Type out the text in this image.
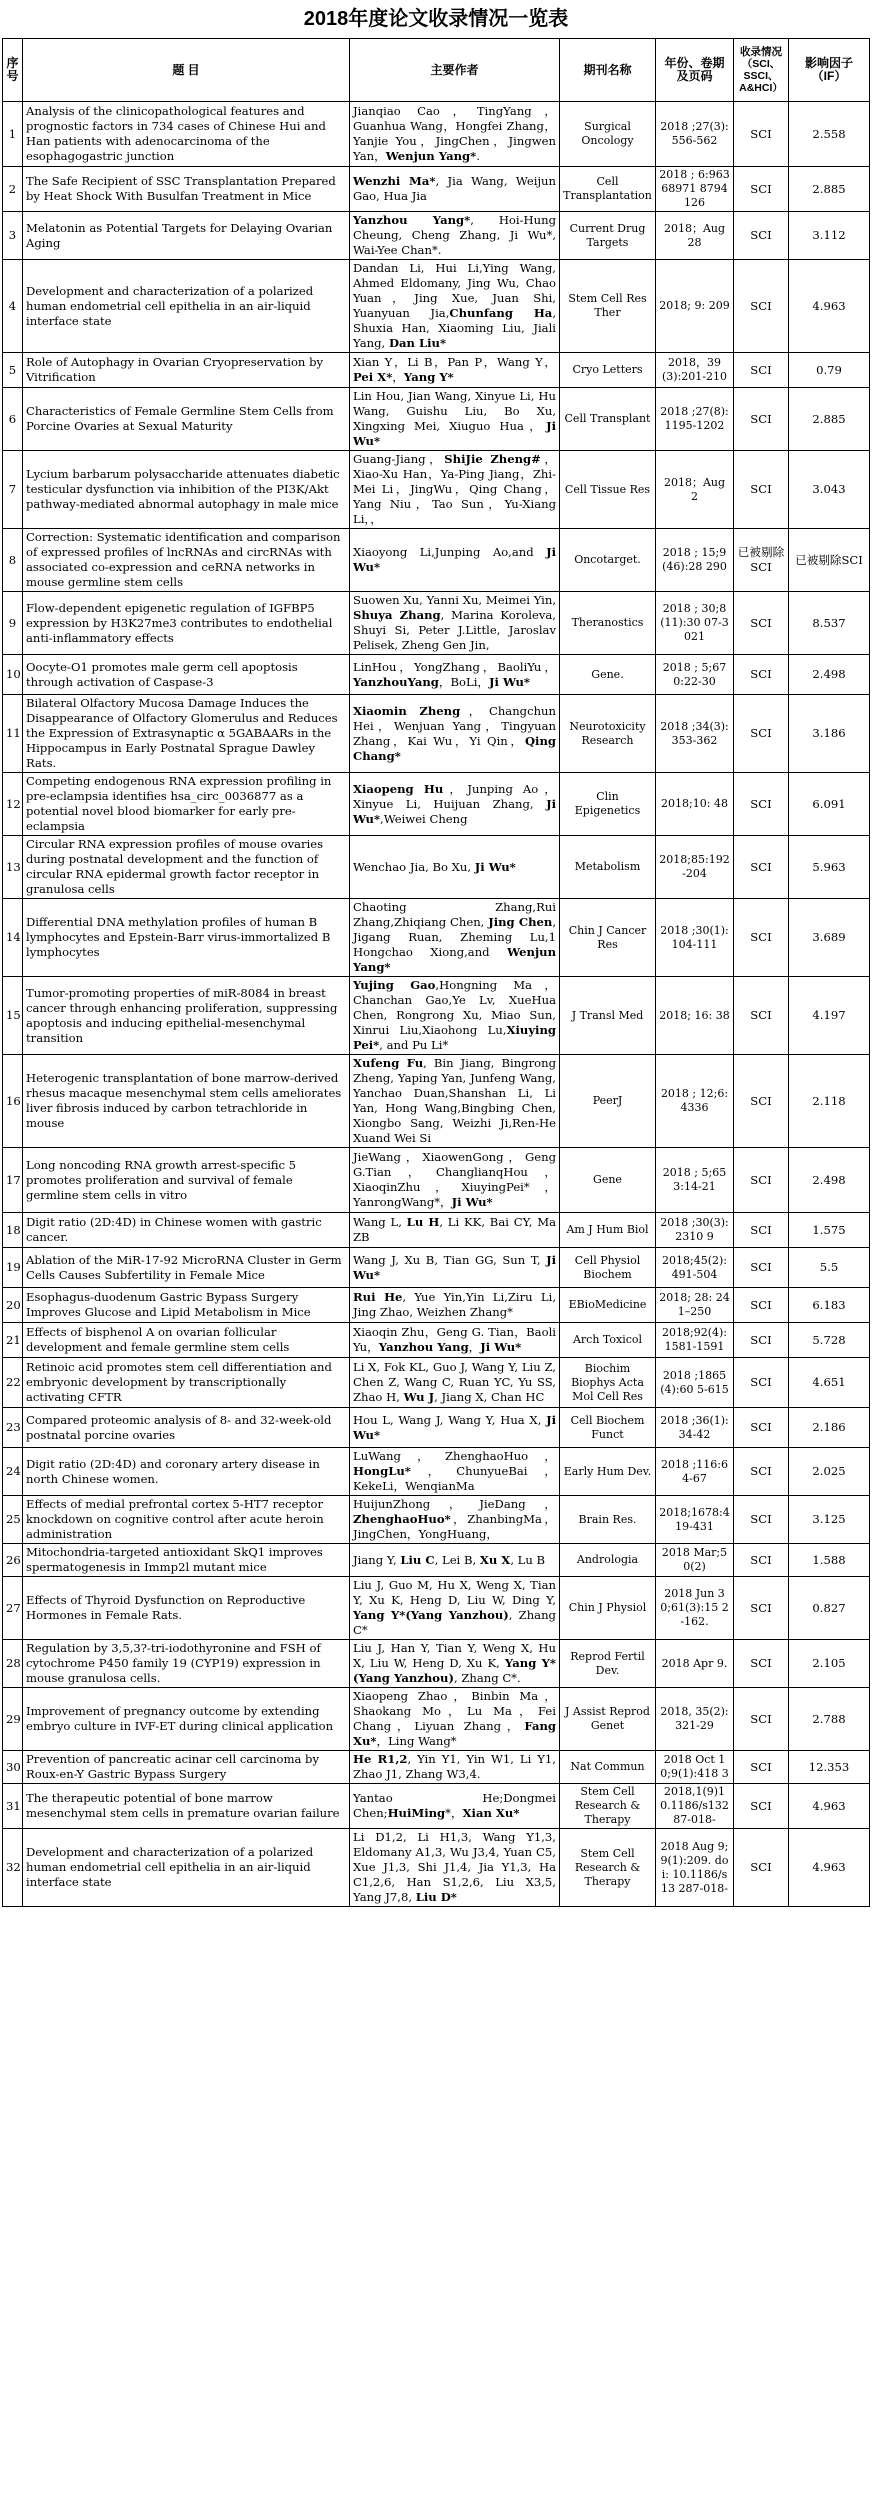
2018年度论文收录情况一览表
序号	题 目	主要作者	期刊名称	年份、卷期及页码	收录情况（SCI、SSCI、A&HCI）	影响因子（IF）
1	Analysis of the clinicopathological features and prognostic factors in 734 cases of Chinese Hui and Han patients with adenocarcinoma of the esophagogastric junction	Jianqiao Cao，TingYang，Guanhua Wang，Hongfei Zhang，Yanjie You，JingChen，Jingwen Yan，Wenjun Yang*.	Surgical Oncology	2018 ;27(3):556-562	SCI	2.558
2	The Safe Recipient of SSC Transplantation Prepared by Heat Shock With Busulfan Treatment in Mice	Wenzhi Ma*, Jia Wang, Weijun Gao, Hua Jia	Cell Transplantation	2018 ; 6:96368971 8794126	SCI	2.885
3	Melatonin as Potential Targets for Delaying Ovarian Aging	Yanzhou Yang*, Hoi-Hung Cheung, Cheng Zhang, Ji Wu*, Wai-Yee Chan*.	Current Drug Targets	2018；Aug 28	SCI	3.112
4	Development and characterization of a polarized human endometrial cell epithelia in an air-liquid interface state	Dandan Li, Hui Li,Ying Wang, Ahmed Eldomany, Jing Wu, Chao Yuan，Jing Xue, Juan Shi, Yuanyuan Jia,Chunfang Ha, Shuxia Han, Xiaoming Liu, Jiali Yang, Dan Liu*	Stem Cell Res Ther	2018; 9: 209	SCI	4.963
5	Role of Autophagy in Ovarian Cryopreservation by Vitrification	Xian Y，Li B，Pan P，Wang Y，Pei X*，Yang Y*	Cryo Letters	2018，39(3):201-210	SCI	0.79
6	Characteristics of Female Germline Stem Cells from Porcine Ovaries at Sexual Maturity	Lin Hou, Jian Wang, Xinyue Li, Hu Wang, Guishu Liu, Bo Xu, Xingxing Mei, Xiuguo Hua，Ji Wu*	Cell Transplant	2018 ;27(8):1195-1202	SCI	2.885
7	Lycium barbarum polysaccharide attenuates diabetic testicular dysfunction via inhibition of the PI3K/Akt pathway-mediated abnormal autophagy in male mice	Guang-Jiang，ShiJie Zheng#，Xiao-Xu Han，Ya-Ping Jiang，Zhi-Mei Li，JingWu，Qing Chang，Yang Niu，Tao Sun，Yu-Xiang Li，，	Cell Tissue Res	2018；Aug 2	SCI	3.043
8	Correction: Systematic identification and comparison of expressed profiles of lncRNAs and circRNAs with associated co-expression and ceRNA networks in mouse germline stem cells	Xiaoyong Li,Junping Ao,and Ji Wu*	Oncotarget.	2018 ; 15;9(46):28 290	已被剔除SCI	已被剔除SCI
9	Flow-dependent epigenetic regulation of IGFBP5 expression by H3K27me3 contributes to endothelial anti-inflammatory effects	Suowen Xu, Yanni Xu, Meimei Yin, Shuya Zhang, Marina Koroleva, Shuyi Si, Peter J.Little, Jaroslav Pelisek, Zheng Gen Jin,	Theranostics	2018 ; 30;8(11):30 07-3021	SCI	8.537
10	Oocyte-Ο1 promotes male germ cell apoptosis through activation of Caspase-3	LinHou，YongZhang，BaoliYu，YanzhouYang，BoLi，Ji Wu*	Gene.	2018 ; 5;670:22-30	SCI	2.498
11	Bilateral Olfactory Mucosa Damage Induces the Disappearance of Olfactory Glomerulus and Reduces the Expression of Extrasynaptic α 5GABAARs in the Hippocampus in Early Postnatal Sprague Dawley Rats.	Xiaomin Zheng，Changchun Hei，Wenjuan Yang，Tingyuan Zhang，Kai Wu，Yi Qin，Qing Chang*	Neurotoxicity Research	2018 ;34(3):353-362	SCI	3.186
12	Competing endogenous RNA expression profiling in pre-eclampsia identifies hsa_circ_0036877 as a potential novel blood biomarker for early pre-eclampsia	Xiaopeng Hu，Junping Ao，Xinyue Li, Huijuan Zhang, Ji Wu*,Weiwei Cheng	Clin Epigenetics	2018;10: 48	SCI	6.091
13	Circular RNA expression profiles of mouse ovaries during postnatal development and the function of circular RNA epidermal growth factor receptor in granulosa cells	Wenchao Jia, Bo Xu, Ji Wu*	Metabolism	2018;85:192 -204	SCI	5.963
14	Differential DNA methylation profiles of human B lymphocytes and Epstein-Barr virus-immortalized B lymphocytes	Chaoting Zhang,Rui Zhang,Zhiqiang Chen, Jing Chen, Jigang Ruan, Zheming Lu,1 Hongchao Xiong,and Wenjun Yang*	Chin J Cancer Res	2018 ;30(1):104-111	SCI	3.689
15	Tumor-promoting properties of miR-8084 in breast cancer through enhancing proliferation, suppressing apoptosis and inducing epithelial-mesenchymal transition	Yujing Gao,Hongning Ma，Chanchan Gao,Ye Lv, XueHua Chen, Rongrong Xu, Miao Sun, Xinrui Liu,Xiaohong Lu,Xiuying Pei*, and Pu Li*	J Transl Med	2018; 16: 38	SCI	4.197
16	Heterogenic transplantation of bone marrow-derived rhesus macaque mesenchymal stem cells ameliorates liver fibrosis induced by carbon tetrachloride in mouse	Xufeng Fu, Bin Jiang, Bingrong Zheng, Yaping Yan, Junfeng Wang, Yanchao Duan,Shanshan Li, Li Yan, Hong Wang,Bingbing Chen, Xiongbo Sang, Weizhi Ji,Ren-He Xuand Wei Si	PeerJ	2018 ; 12;6:4336	SCI	2.118
17	Long noncoding RNA growth arrest-specific 5 promotes proliferation and survival of female germline stem cells in vitro	JieWang，XiaowenGong，Geng G.Tian，ChanglianqHou，XiaoqinZhu，XiuyingPei*，YanrongWang*，Ji Wu*	Gene	2018 ; 5;653:14-21	SCI	2.498
18	Digit ratio (2D:4D) in Chinese women with gastric cancer.	Wang L, Lu H, Li KK, Bai CY, Ma ZB	Am J Hum Biol	2018 ;30(3):2310 9	SCI	1.575
19	Ablation of the MiR-17-92 MicroRNA Cluster in Germ Cells Causes Subfertility in Female Mice	Wang J, Xu B, Tian GG, Sun T, Ji Wu*	Cell Physiol Biochem	2018;45(2): 491-504	SCI	5.5
20	Esophagus-duodenum Gastric Bypass Surgery Improves Glucose and Lipid Metabolism in Mice	Rui He, Yue Yin,Yin Li,Ziru Li, Jing Zhao, Weizhen Zhang*	EBioMedicine	2018; 28: 241–250	SCI	6.183
21	Effects of bisphenol A on ovarian follicular development and female germline stem cells	Xiaoqin Zhu，Geng G. Tian，Baoli Yu，Yanzhou Yang，Ji Wu*	Arch Toxicol	2018;92(4): 1581-1591	SCI	5.728
22	Retinoic acid promotes stem cell differentiation and embryonic development by transcriptionally activating CFTR	Li X, Fok KL, Guo J, Wang Y, Liu Z, Chen Z, Wang C, Ruan YC, Yu SS, Zhao H, Wu J, Jiang X, Chan HC	Biochim Biophys Acta Mol Cell Res	2018 ;1865(4):60 5-615	SCI	4.651
23	Compared proteomic analysis of 8- and 32-week-old postnatal porcine ovaries	Hou L, Wang J, Wang Y, Hua X, Ji Wu*	Cell Biochem Funct	2018 ;36(1):34-42	SCI	2.186
24	Digit ratio (2D:4D) and coronary artery disease in north Chinese women.	LuWang，ZhenghaoHuo，HongLu*，ChunyueBai，KekeLi，WenqianMa	Early Hum Dev.	2018 ;116:64-67	SCI	2.025
25	Effects of medial prefrontal cortex 5-HT7 receptor knockdown on cognitive control after acute heroin administration	HuijunZhong，JieDang，ZhenghaoHuo*，ZhanbingMa，JingChen，YongHuang，	Brain Res.	2018;1678:4 19-431	SCI	3.125
26	Mitochondria-targeted antioxidant SkQ1 improves spermatogenesis in Immp2l mutant mice	Jiang Y, Liu C, Lei B, Xu X, Lu B	Andrologia	2018 Mar;50(2)	SCI	1.588
27	Effects of Thyroid Dysfunction on Reproductive Hormones in Female Rats.	Liu J, Guo M, Hu X, Weng X, Tian Y, Xu K, Heng D, Liu W, Ding Y, Yang Y*(Yang Yanzhou), Zhang C*	Chin J Physiol	2018 Jun 30;61(3):15 2-162.	SCI	0.827
28	Regulation by 3,5,3?-tri-iodothyronine and FSH of cytochrome P450 family 19 (CYP19) expression in mouse granulosa cells.	Liu J, Han Y, Tian Y, Weng X, Hu X, Liu W, Heng D, Xu K, Yang Y*(Yang Yanzhou), Zhang C*.	Reprod Fertil Dev.	2018 Apr 9.	SCI	2.105
29	Improvement of pregnancy outcome by extending embryo culture in IVF-ET during clinical application	Xiaopeng Zhao，Binbin Ma，Shaokang Mo，Lu Ma，Fei Chang，Liyuan Zhang，Fang Xu*，Ling Wang*	J Assist Reprod Genet	2018, 35(2):321-29	SCI	2.788
30	Prevention of pancreatic acinar cell carcinoma by Roux-en-Y Gastric Bypass Surgery	He R1,2, Yin Y1, Yin W1, Li Y1, Zhao J1, Zhang W3,4.	Nat Commun	2018 Oct 10;9(1):418 3	SCI	12.353
31	The therapeutic potential of bone marrow mesenchymal stem cells in premature ovarian failure	Yantao He;Dongmei Chen;HuiMing*，Xian Xu*	Stem Cell Research & Therapy	2018,1(9)1 0.1186/s132 87-018-	SCI	4.963
32	Development and characterization of a polarized human endometrial cell epithelia in an air-liquid interface state	Li D1,2, Li H1,3, Wang Y1,3, Eldomany A1,3, Wu J3,4, Yuan C5, Xue J1,3, Shi J1,4, Jia Y1,3, Ha C1,2,6, Han S1,2,6, Liu X3,5, Yang J7,8, Liu D*	Stem Cell Research & Therapy	2018 Aug 9;9(1):209. doi: 10.1186/s13 287-018-	SCI	4.963
